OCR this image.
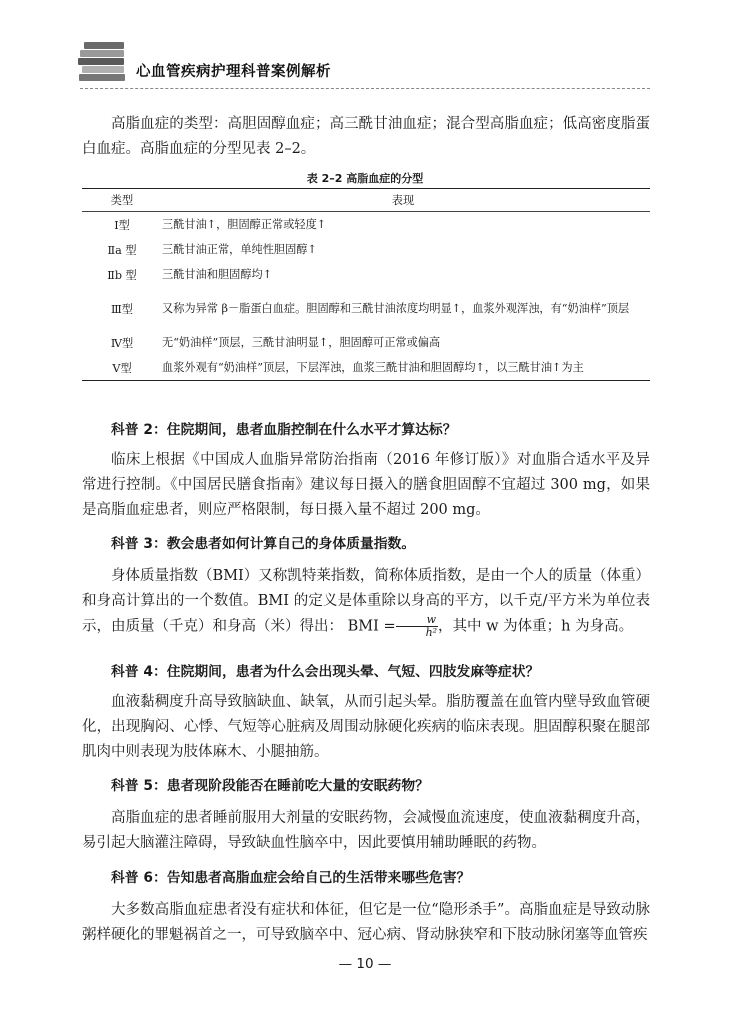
心血管疾病护理科普案例解析

高脂血症的类型：高胆固醇血症；高三酰甘油血症；混合型高脂血症；低高密度脂蛋白血症。高脂血症的分型见表 2–2。

表 2–2 高脂血症的分型
类型	表现
Ⅰ型	三酰甘油↑，胆固醇正常或轻度↑
Ⅱa 型	三酰甘油正常，单纯性胆固醇↑
Ⅱb 型	三酰甘油和胆固醇均↑
Ⅲ型	又称为异常 β－脂蛋白血症。胆固醇和三酰甘油浓度均明显↑，血浆外观浑浊，有“奶油样”顶层
Ⅳ型	无“奶油样”顶层，三酰甘油明显↑，胆固醇可正常或偏高
Ⅴ型	血浆外观有“奶油样”顶层，下层浑浊，血浆三酰甘油和胆固醇均↑，以三酰甘油↑为主
科普 2：住院期间，患者血脂控制在什么水平才算达标？

临床上根据《中国成人血脂异常防治指南（2016 年修订版）》对血脂合适水平及异常进行控制。《中国居民膳食指南》建议每日摄入的膳食胆固醇不宜超过 300 mg，如果是高脂血症患者，则应严格限制，每日摄入量不超过 200 mg。

科普 3：教会患者如何计算自己的身体质量指数。

身体质量指数（BMI）又称凯特莱指数，简称体质指数，是由一个人的质量（体重）和身高计算出的一个数值。BMI 的定义是体重除以身高的平方，以千克/平方米为单位表示，由质量（千克）和身高（米）得出： BMI = $\frac{w}{\text{h²}}$ ，其中 w 为体重；h 为身高。

科普 4：住院期间，患者为什么会出现头晕、气短、四肢发麻等症状？

血液黏稠度升高导致脑缺血、缺氧，从而引起头晕。脂肪覆盖在血管内壁导致血管硬化，出现胸闷、心悸、气短等心脏病及周围动脉硬化疾病的临床表现。胆固醇积聚在腿部肌肉中则表现为肢体麻木、小腿抽筋。

科普 5：患者现阶段能否在睡前吃大量的安眠药物？

高脂血症的患者睡前服用大剂量的安眠药物，会减慢血流速度，使血液黏稠度升高，易引起大脑灌注障碍，导致缺血性脑卒中，因此要慎用辅助睡眠的药物。

科普 6：告知患者高脂血症会给自己的生活带来哪些危害？

大多数高脂血症患者没有症状和体征，但它是一位“隐形杀手”。高脂血症是导致动脉粥样硬化的罪魁祸首之一，可导致脑卒中、冠心病、肾动脉狭窄和下肢动脉闭塞等血管疾

— 10 —
